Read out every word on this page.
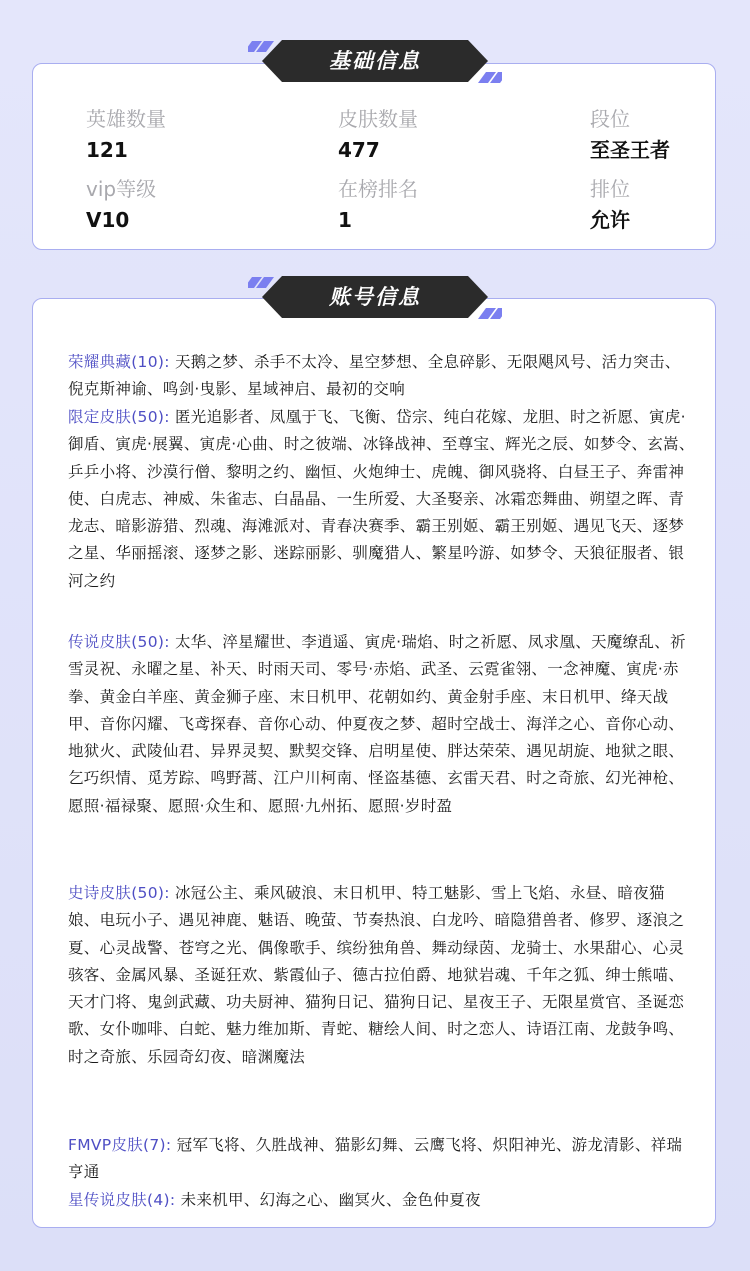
基础信息
英雄数量
121
皮肤数量
477
段位
至圣王者
vip等级
V10
在榜排名
1
排位
允许
账号信息
荣耀典藏(10): 天鹅之梦、杀手不太冷、星空梦想、全息碎影、无限飓风号、活力突击、倪克斯神谕、鸣剑·曳影、星域神启、最初的交响
限定皮肤(50): 匿光追影者、凤凰于飞、飞衡、岱宗、纯白花嫁、龙胆、时之祈愿、寅虎·御盾、寅虎·展翼、寅虎·心曲、时之彼端、冰锋战神、至尊宝、辉光之辰、如梦令、玄嵩、乒乒小将、沙漠行僧、黎明之约、幽恒、火炮绅士、虎魄、御风骁将、白昼王子、奔雷神使、白虎志、神威、朱雀志、白晶晶、一生所爱、大圣娶亲、冰霜恋舞曲、朔望之晖、青龙志、暗影游猎、烈魂、海滩派对、青春决赛季、霸王别姬、霸王别姬、遇见飞天、逐梦之星、华丽摇滚、逐梦之影、迷踪丽影、驯魔猎人、繁星吟游、如梦令、天狼征服者、银河之约
传说皮肤(50): 太华、淬星耀世、李逍遥、寅虎·瑞焰、时之祈愿、凤求凰、天魔缭乱、祈雪灵祝、永曜之星、补天、时雨天司、零号·赤焰、武圣、云霓雀翎、一念神魔、寅虎·赤拳、黄金白羊座、黄金狮子座、末日机甲、花朝如约、黄金射手座、末日机甲、绛天战甲、音你闪耀、飞鸢探春、音你心动、仲夏夜之梦、超时空战士、海洋之心、音你心动、地狱火、武陵仙君、异界灵契、默契交锋、启明星使、胖达荣荣、遇见胡旋、地狱之眼、乞巧织情、觅芳踪、鸣野蒿、江户川柯南、怪盗基德、玄雷天君、时之奇旅、幻光神枪、愿照·福禄聚、愿照·众生和、愿照·九州拓、愿照·岁时盈
史诗皮肤(50): 冰冠公主、乘风破浪、末日机甲、特工魅影、雪上飞焰、永昼、暗夜猫娘、电玩小子、遇见神鹿、魅语、晚萤、节奏热浪、白龙吟、暗隐猎兽者、修罗、逐浪之夏、心灵战警、苍穹之光、偶像歌手、缤纷独角兽、舞动绿茵、龙骑士、水果甜心、心灵骇客、金属风暴、圣诞狂欢、紫霞仙子、德古拉伯爵、地狱岩魂、千年之狐、绅士熊喵、天才门将、鬼剑武藏、功夫厨神、猫狗日记、猫狗日记、星夜王子、无限星赏官、圣诞恋歌、女仆咖啡、白蛇、魅力维加斯、青蛇、糖绘人间、时之恋人、诗语江南、龙鼓争鸣、时之奇旅、乐园奇幻夜、暗渊魔法
FMVP皮肤(7): 冠军飞将、久胜战神、猫影幻舞、云鹰飞将、炽阳神光、游龙清影、祥瑞亨通
星传说皮肤(4): 未来机甲、幻海之心、幽冥火、金色仲夏夜
